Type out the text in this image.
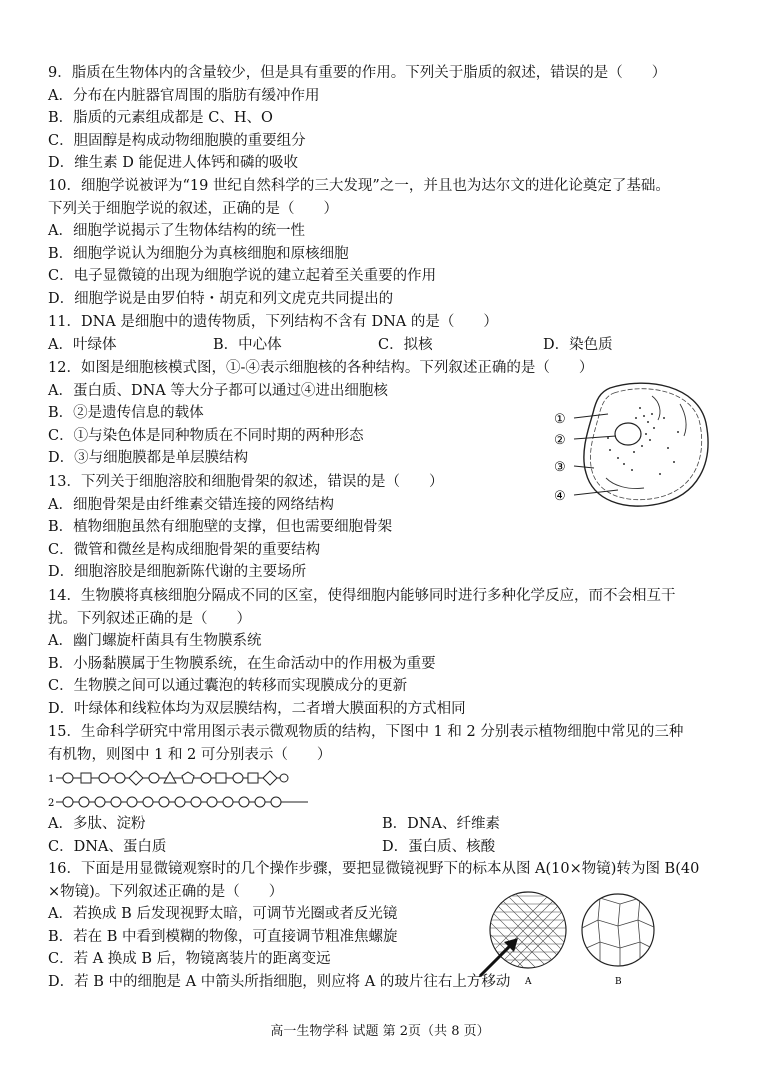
9．脂质在生物体内的含量较少，但是具有重要的作用。下列关于脂质的叙述，错误的是（　　）
A．分布在内脏器官周围的脂肪有缓冲作用
B．脂质的元素组成都是 C、H、O
C．胆固醇是构成动物细胞膜的重要组分
D．维生素 D 能促进人体钙和磷的吸收
10．细胞学说被评为“19 世纪自然科学的三大发现”之一，并且也为达尔文的进化论奠定了基础。
下列关于细胞学说的叙述，正确的是（　　）
A．细胞学说揭示了生物体结构的统一性
B．细胞学说认为细胞分为真核细胞和原核细胞
C．电子显微镜的出现为细胞学说的建立起着至关重要的作用
D．细胞学说是由罗伯特・胡克和列文虎克共同提出的
11．DNA 是细胞中的遗传物质，下列结构不含有 DNA 的是（　　）
A．叶绿体	B．中心体	C．拟核	D．染色质
12．如图是细胞核模式图，①-④表示细胞核的各种结构。下列叙述正确的是（　　）
A．蛋白质、DNA 等大分子都可以通过④进出细胞核
B．②是遗传信息的载体
C．①与染色体是同种物质在不同时期的两种形态
D．③与细胞膜都是单层膜结构
①
②
③
④
13．下列关于细胞溶胶和细胞骨架的叙述，错误的是（　　）
A．细胞骨架是由纤维素交错连接的网络结构
B．植物细胞虽然有细胞壁的支撑，但也需要细胞骨架
C．微管和微丝是构成细胞骨架的重要结构
D．细胞溶胶是细胞新陈代谢的主要场所
14．生物膜将真核细胞分隔成不同的区室，使得细胞内能够同时进行多种化学反应，而不会相互干
扰。下列叙述正确的是（　　）
A．幽门螺旋杆菌具有生物膜系统
B．小肠黏膜属于生物膜系统，在生命活动中的作用极为重要
C．生物膜之间可以通过囊泡的转移而实现膜成分的更新
D．叶绿体和线粒体均为双层膜结构，二者增大膜面积的方式相同
15．生命科学研究中常用图示表示微观物质的结构，下图中 1 和 2 分别表示植物细胞中常见的三种
有机物，则图中 1 和 2 可分别表示（　　）
1
2
A．多肽、淀粉	B．DNA、纤维素
C．DNA、蛋白质	D．蛋白质、核酸
16．下面是用显微镜观察时的几个操作步骤，要把显微镜视野下的标本从图 A(10×物镜)转为图 B(40
×物镜)。下列叙述正确的是（　　）
A．若换成 B 后发现视野太暗，可调节光圈或者反光镜
B．若在 B 中看到模糊的物像，可直接调节粗准焦螺旋
C．若 A 换成 B 后，物镜离装片的距离变远
D．若 B 中的细胞是 A 中箭头所指细胞，则应将 A 的玻片往右上方移动	A	B
高一生物学科 试题 第 2页（共 8 页）
